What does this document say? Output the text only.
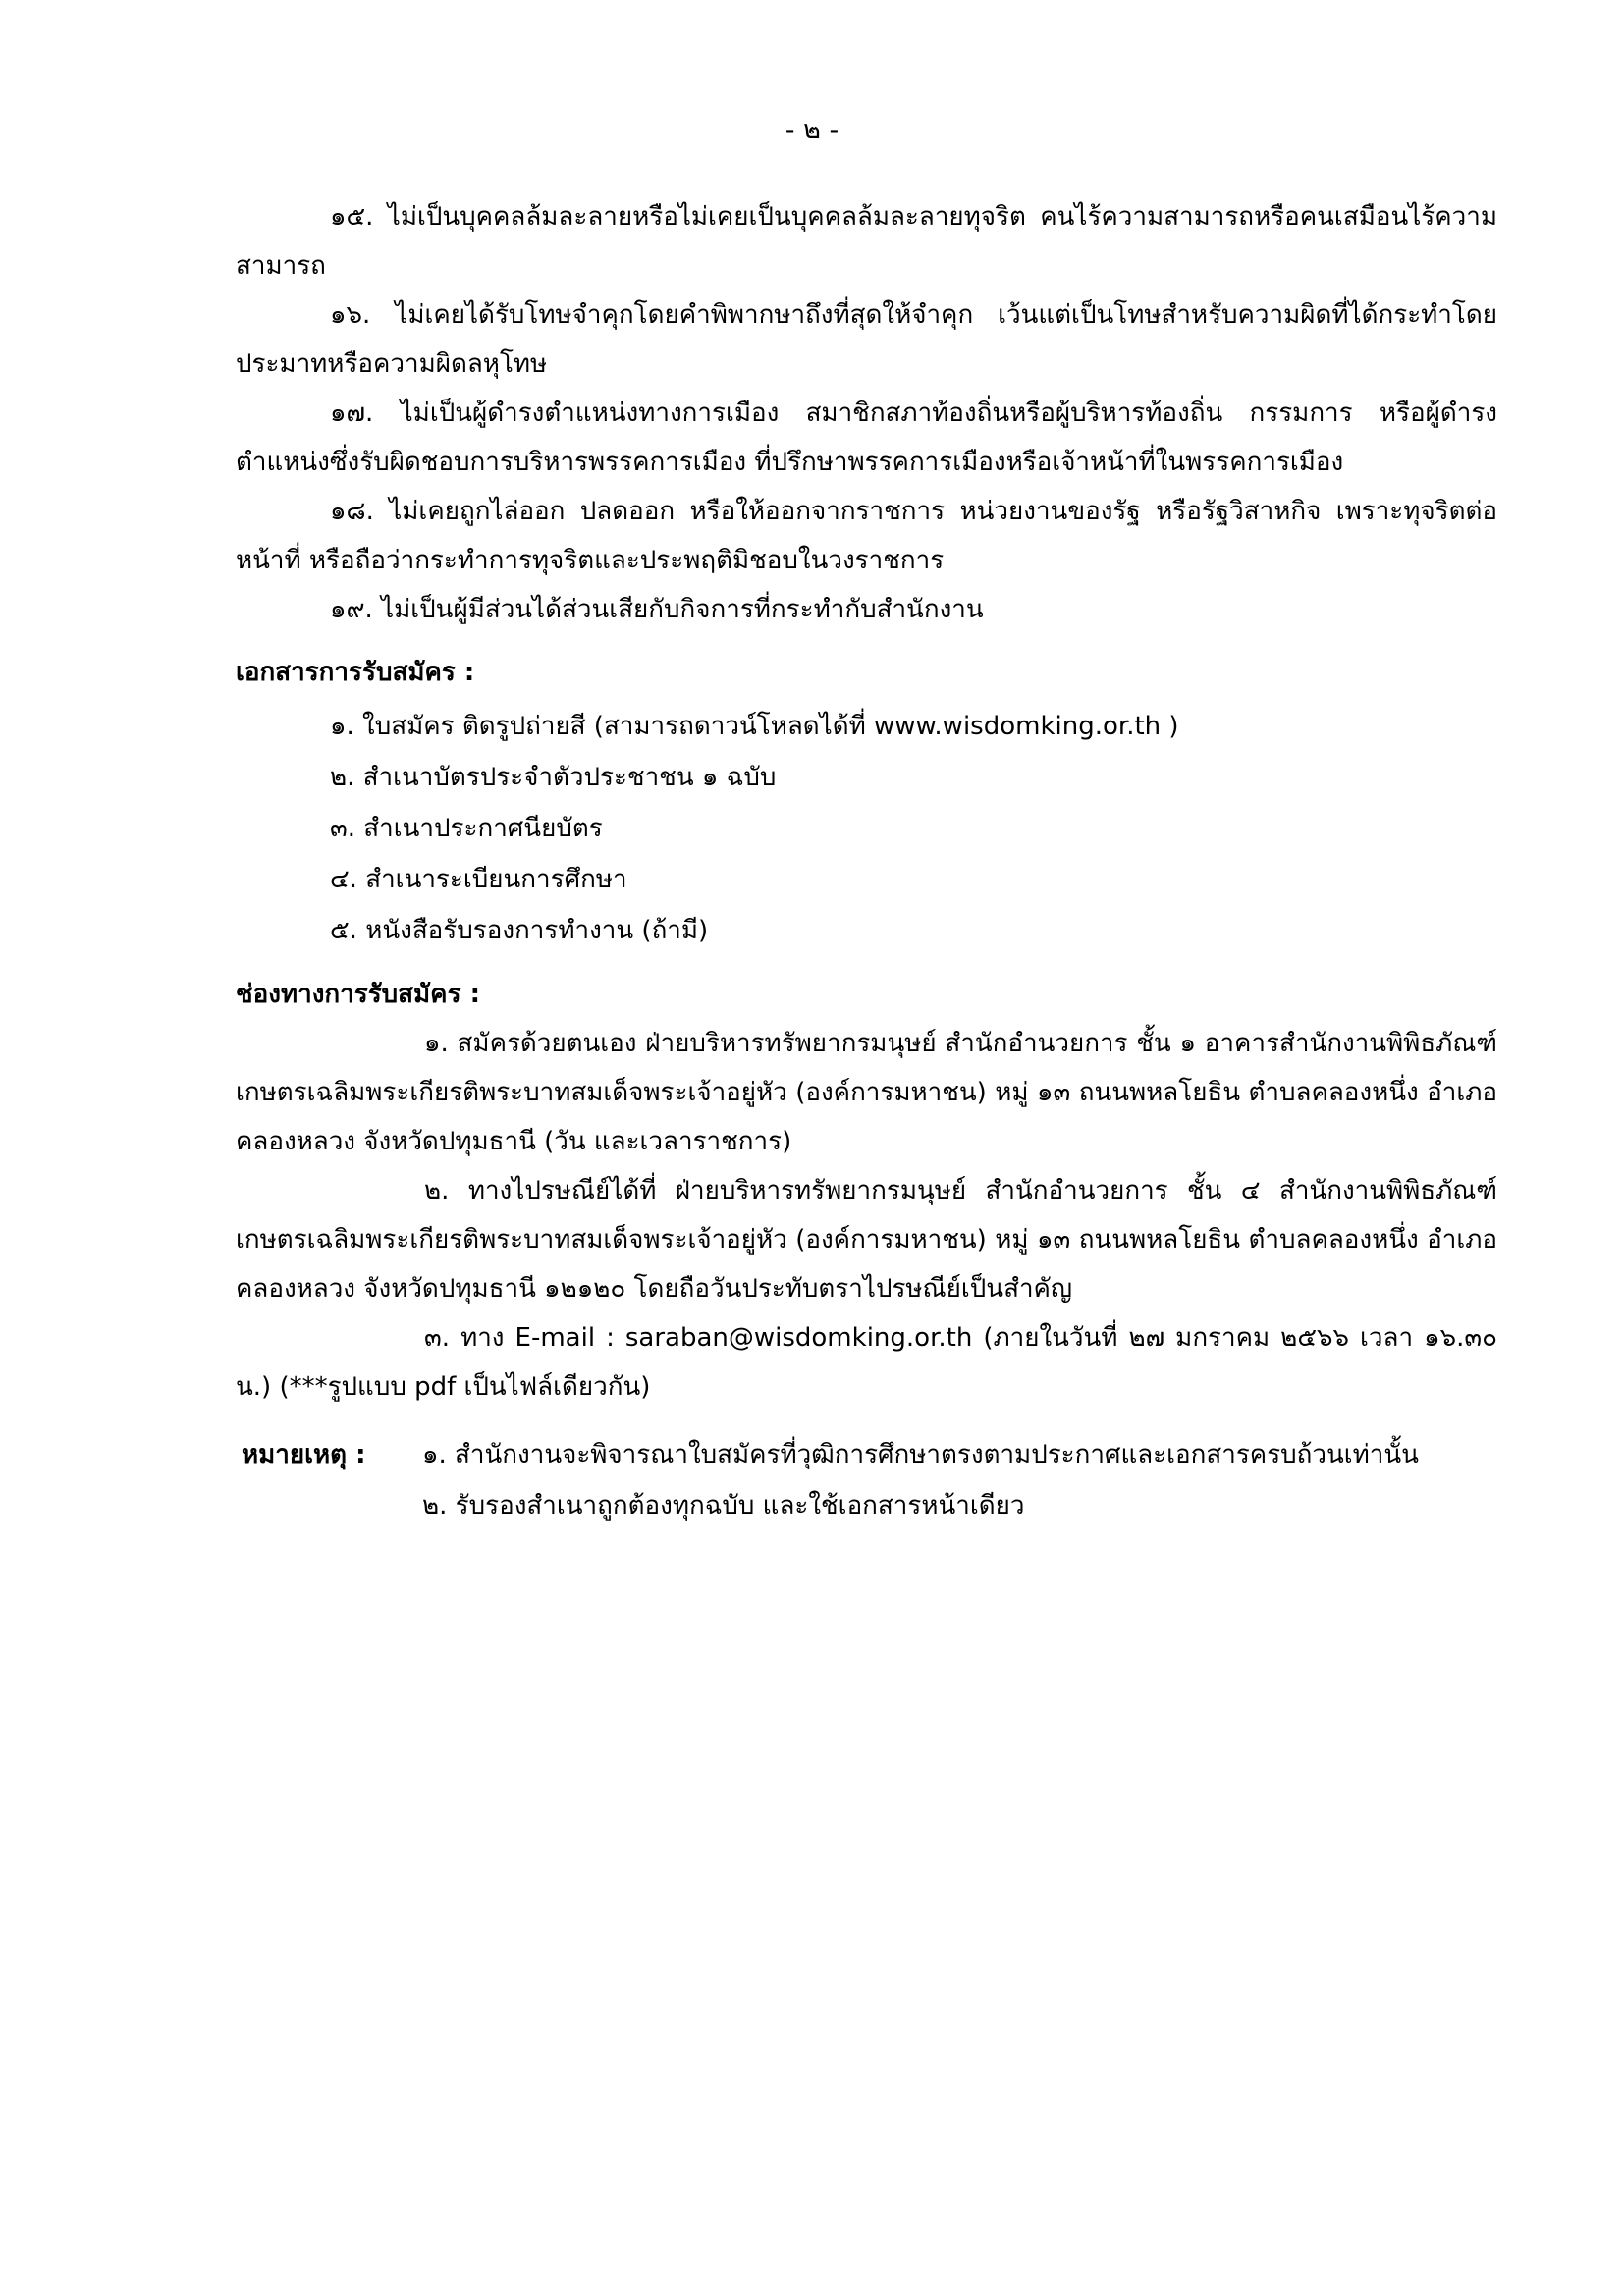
- ๒ -

๑๕. ไม่เป็นบุคคลล้มละลายหรือไม่เคยเป็นบุคคลล้มละลายทุจริต คนไร้ความสามารถหรือคนเสมือนไร้ความสามารถ

๑๖. ไม่เคยได้รับโทษจำคุกโดยคำพิพากษาถึงที่สุดให้จำคุก เว้นแต่เป็นโทษสำหรับความผิดที่ได้กระทำโดยประมาทหรือความผิดลหุโทษ

๑๗. ไม่เป็นผู้ดำรงตำแหน่งทางการเมือง สมาชิกสภาท้องถิ่นหรือผู้บริหารท้องถิ่น กรรมการ หรือผู้ดำรงตำแหน่งซึ่งรับผิดชอบการบริหารพรรคการเมือง ที่ปรึกษาพรรคการเมืองหรือเจ้าหน้าที่ในพรรคการเมือง

๑๘. ไม่เคยถูกไล่ออก ปลดออก หรือให้ออกจากราชการ หน่วยงานของรัฐ หรือรัฐวิสาหกิจ เพราะทุจริตต่อหน้าที่ หรือถือว่ากระทำการทุจริตและประพฤติมิชอบในวงราชการ

๑๙. ไม่เป็นผู้มีส่วนได้ส่วนเสียกับกิจการที่กระทำกับสำนักงาน

เอกสารการรับสมัคร :

๑. ใบสมัคร ติดรูปถ่ายสี (สามารถดาวน์โหลดได้ที่ www.wisdomking.or.th )

๒. สำเนาบัตรประจำตัวประชาชน ๑ ฉบับ

๓. สำเนาประกาศนียบัตร

๔. สำเนาระเบียนการศึกษา

๕. หนังสือรับรองการทำงาน (ถ้ามี)

ช่องทางการรับสมัคร :

๑. สมัครด้วยตนเอง ฝ่ายบริหารทรัพยากรมนุษย์ สำนักอำนวยการ ชั้น ๑ อาคารสำนักงานพิพิธภัณฑ์เกษตรเฉลิมพระเกียรติพระบาทสมเด็จพระเจ้าอยู่หัว (องค์การมหาชน) หมู่ ๑๓ ถนนพหลโยธิน ตำบลคลองหนึ่ง อำเภอคลองหลวง จังหวัดปทุมธานี (วัน และเวลาราชการ)

๒. ทางไปรษณีย์ได้ที่ ฝ่ายบริหารทรัพยากรมนุษย์ สำนักอำนวยการ ชั้น ๔ สำนักงานพิพิธภัณฑ์เกษตรเฉลิมพระเกียรติพระบาทสมเด็จพระเจ้าอยู่หัว (องค์การมหาชน) หมู่ ๑๓ ถนนพหลโยธิน ตำบลคลองหนึ่ง อำเภอคลองหลวง จังหวัดปทุมธานี ๑๒๑๒๐ โดยถือวันประทับตราไปรษณีย์เป็นสำคัญ

๓. ทาง E-mail : saraban@wisdomking.or.th (ภายในวันที่ ๒๗ มกราคม ๒๕๖๖ เวลา ๑๖.๓๐ น.) (***รูปแบบ pdf เป็นไฟล์เดียวกัน)

หมายเหตุ :	๑. สำนักงานจะพิจารณาใบสมัครที่วุฒิการศึกษาตรงตามประกาศและเอกสารครบถ้วนเท่านั้น
๒. รับรองสำเนาถูกต้องทุกฉบับ และใช้เอกสารหน้าเดียว
